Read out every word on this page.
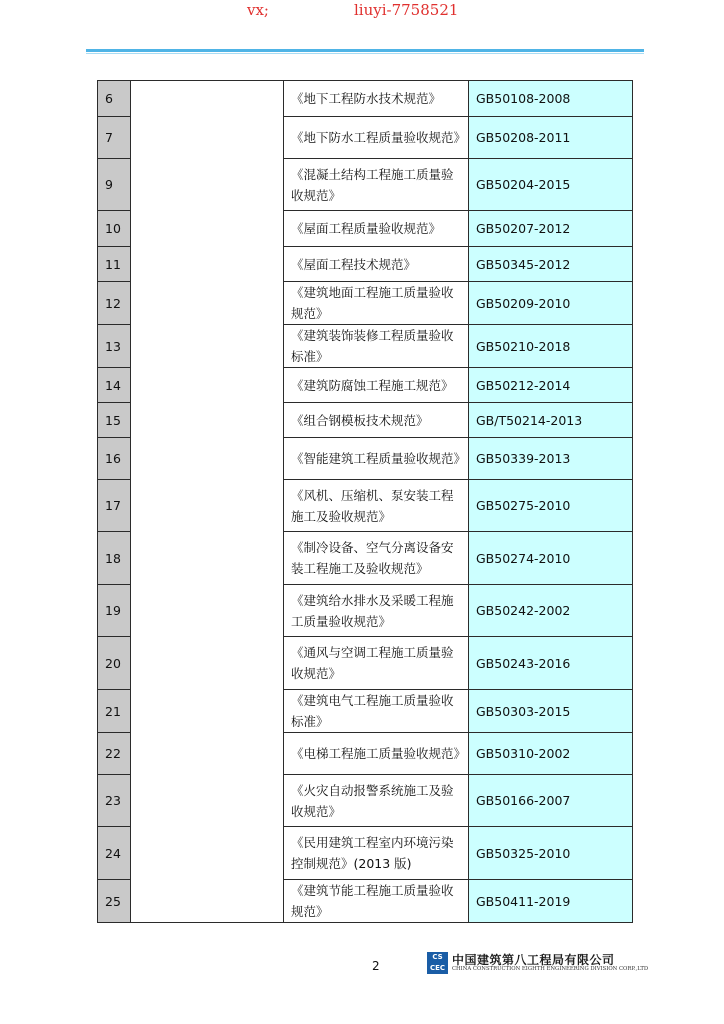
vx;	liuyi-7758521
6		《地下工程防水技术规范》	GB50108-2008
7		《地下防水工程质量验收规范》	GB50208-2011
9		《混凝土结构工程施工质量验收规范》	GB50204-2015
10		《屋面工程质量验收规范》	GB50207-2012
11		《屋面工程技术规范》	GB50345-2012
12		《建筑地面工程施工质量验收规范》	GB50209-2010
13		《建筑装饰装修工程质量验收标准》	GB50210-2018
14		《建筑防腐蚀工程施工规范》	GB50212-2014
15		《组合钢模板技术规范》	GB/T50214-2013
16		《智能建筑工程质量验收规范》	GB50339-2013
17		《风机、压缩机、泵安装工程施工及验收规范》	GB50275-2010
18		《制冷设备、空气分离设备安装工程施工及验收规范》	GB50274-2010
19		《建筑给水排水及采暖工程施工质量验收规范》	GB50242-2002
20		《通风与空调工程施工质量验收规范》	GB50243-2016
21		《建筑电气工程施工质量验收标准》	GB50303-2015
22		《电梯工程施工质量验收规范》	GB50310-2002
23		《火灾自动报警系统施工及验收规范》	GB50166-2007
24		《民用建筑工程室内环境污染控制规范》(2013 版)	GB50325-2010
25		《建筑节能工程施工质量验收规范》	GB50411-2019
2
CS
CEC
中国建筑第八工程局有限公司
CHINA CONSTRUCTION EIGHTH ENGINEERING DIVISION CORP.,LTD
